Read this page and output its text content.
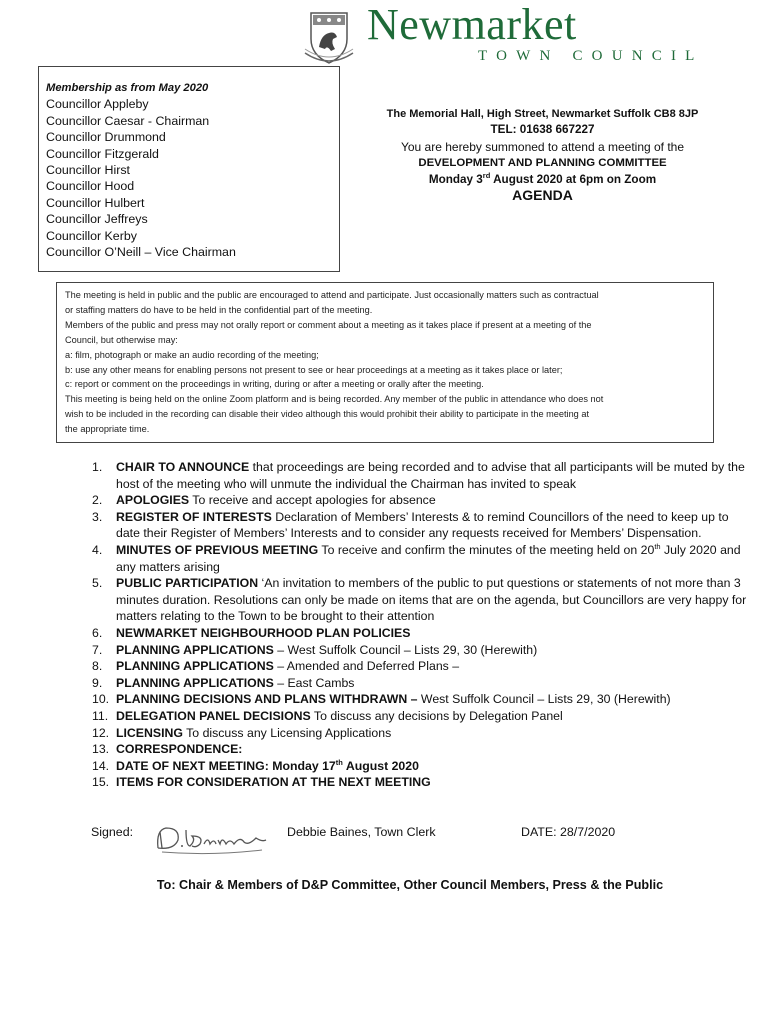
Newmarket
TOWN COUNCIL
Membership as from May 2020
Councillor Appleby
Councillor Caesar - Chairman
Councillor Drummond
Councillor Fitzgerald
Councillor Hirst
Councillor Hood
Councillor Hulbert
Councillor Jeffreys
Councillor Kerby
Councillor O’Neill – Vice Chairman
The Memorial Hall, High Street, Newmarket Suffolk CB8 8JP
TEL: 01638 667227
You are hereby summoned to attend a meeting of the
DEVELOPMENT AND PLANNING COMMITTEE
Monday 3rd August 2020 at 6pm on Zoom
AGENDA
The meeting is held in public and the public are encouraged to attend and participate. Just occasionally matters such as contractual
or staffing matters do have to be held in the confidential part of the meeting.
Members of the public and press may not orally report or comment about a meeting as it takes place if present at a meeting of the
Council, but otherwise may:
a: film, photograph or make an audio recording of the meeting;
b: use any other means for enabling persons not present to see or hear proceedings at a meeting as it takes place or later;
c: report or comment on the proceedings in writing, during or after a meeting or orally after the meeting.
This meeting is being held on the online Zoom platform and is being recorded. Any member of the public in attendance who does not
wish to be included in the recording can disable their video although this would prohibit their ability to participate in the meeting at
the appropriate time.
1.	CHAIR TO ANNOUNCE that proceedings are being recorded and to advise that all participants will be muted by the host of the meeting who will unmute the individual the Chairman has invited to speak
2.	APOLOGIES To receive and accept apologies for absence
3.	REGISTER OF INTERESTS Declaration of Members’ Interests & to remind Councillors of the need to keep up to date their Register of Members’ Interests and to consider any requests received for Members’ Dispensation.
4.	MINUTES OF PREVIOUS MEETING To receive and confirm the minutes of the meeting held on 20th July 2020 and any matters arising
5.	PUBLIC PARTICIPATION ‘An invitation to members of the public to put questions or statements of not more than 3 minutes duration. Resolutions can only be made on items that are on the agenda, but Councillors are very happy for matters relating to the Town to be brought to their attention
6.	NEWMARKET NEIGHBOURHOOD PLAN POLICIES
7.	PLANNING APPLICATIONS – West Suffolk Council – Lists 29, 30 (Herewith)
8.	PLANNING APPLICATIONS – Amended and Deferred Plans –
9.	PLANNING APPLICATIONS – East Cambs
10. PLANNING DECISIONS AND PLANS WITHDRAWN – West Suffolk Council – Lists 29, 30 (Herewith)
11. DELEGATION PANEL DECISIONS To discuss any decisions by Delegation Panel
12. LICENSING To discuss any Licensing Applications
13. CORRESPONDENCE:
14. DATE OF NEXT MEETING: Monday 17th August 2020
15. ITEMS FOR CONSIDERATION AT THE NEXT MEETING
Signed:	Debbie Baines, Town Clerk	DATE: 28/7/2020
To: Chair & Members of D&P Committee, Other Council Members, Press & the Public
